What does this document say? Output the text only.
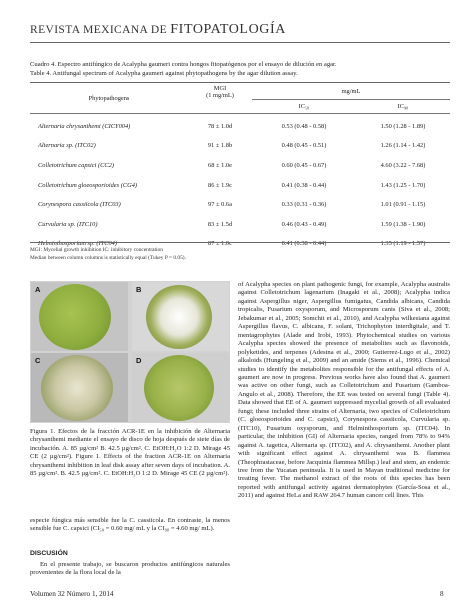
REVISTA MEXICANA DE FITOPATOLOGÍA
Cuadro 4. Espectro antifúngico de Acalypha gaumeri contra hongos fitopatógenos por el ensayo de dilución en agar.
Table 4. Antifungal spectrum of Acalypha gaumeri against phytopathogens by the agar dilution assay.
Phytopathogens	MGI
(1 mg/mL)	mg/mL	
		IC₅₀	IC₉₀

Alternaria chrysanthemi (CICY004)	78 ± 1.0d	0.53 (0.48 - 0.58)	1.50 (1.28 - 1.89)
Alternaria sp. (ITC02)	91 ± 1.8b	0.48 (0.45 - 0.51)	1.26 (1.14 - 1.42)
Colletotrichum capsici (CC2)	68 ± 1.0e	0.60 (0.45 - 0.67)	4.60 (3.22 - 7.68)
Colletotrichum gloeosporioides (CG4)	86 ± 1.9c	0.41 (0.38 - 0.44)	1.43 (1.25 - 1.70)
Corynespora cassiicola (ITC03)	97 ± 0.6a	0.33 (0.31 - 0.36)	1.01 (0.91 - 1.15)
Curvularia sp. (ITC10)	83 ± 1.5d	0.46 (0.43 - 0.49)	1.59 (1.38 - 1.90)
Helminthosporium sp. (ITC04)	87 ± 1.0c	0.41 (0.38 - 0.44)	1.35 (1.19 - 1.57)
MGI: Mycelial growth inhibition IC: inhibitory concentration
Median between column columns is statistically equal (Tukey P = 0.05).
A	B
C	D
Figura 1. Efectos de la fracción ACR-1E en la inhibición de Alternaria chrysanthemi mediante el ensayo de disco de hoja después de siete días de incubación. A. 85 µg/cm² B. 42.5 µg/cm². C. EtOH:H₂O 1:2 D. Mirage 45 CE (2 µg/cm²). Figure 1. Effects of the fraction ACR-1E on Alternaria chrysanthemi inhibition in leaf disk assay after seven days of incubation. A. 85 µg/cm². B. 42.5 µg/cm². C. EtOH:H₂O 1:2 D. Mirage 45 CE (2 µg/cm²).
especie fúngica más sensible fue la C. cassiicola. En contraste, la menos sensible fue C. capsici (CI₅₀ = 0.60 mg/ mL y la CI₉₀ = 4.60 mg/ mL).
DISCUSIÓN
En el presente trabajo, se buscaron productos antifúngicos naturales provenientes de la flora local de la
of Acalypha species on plant pathogenic fungi, for example, Acalypha australis against Colletotrichum lagenarium (Inagaki et al., 2008); Acalypha indica against Aspergillus niger, Aspergillus fumigatus, Candida albicans, Candida tropicalis, Fusarium oxysporum, and Microsporum canis (Siva et al., 2008; Jebakumar et al., 2005; Somchit et al., 2010), and Acalypha wilkesiana against Aspergillus flavus, C. albicans, F. solani, Trichophyton interdigitale, and T. mentagrophytes (Alade and Irobi, 1993). Phytochemical studies on various Acalypha species showed the presence of metabolites such as flavonoids, polyketides, and terpenes (Adesina et al., 2000; Gutierrez-Lugo et al., 2002) alkaloids (Hungeling et al., 2009) and an amide (Siems et al., 1996). Chemical studies to identify the metabolites responsible for the antifungal effects of A. gaumeri are now in progress. Previous works have also found that A. gaumeri was active on other fungi, such as Colletotrichum and Fusarium (Gamboa-Angulo et al., 2008). Therefore, the EE was tested on several fungi (Table 4). Data showed that EE of A. gaumeri suppressed mycelial growth of all evaluated fungi; these included three strains of Alternaria, two species of Colletotrichum (C. gloeosporioides and C. capsici), Corynespora cassiicola, Curvularia sp. (ITC10), Fusarium oxysporum, and Helminthosporium sp. (ITC04). In particular, the inhibition (GI) of Alternaria species, ranged from 78% to 94% against A. tagetica, Alternaria sp. (ITC02), and A. chrysanthemi. Another plant with significant effect against A. chrysanthemi was B. flammea (Theophrastaceae, before Jacquinia flammea Millsp.) leaf and stem, an endemic tree from the Yucatan peninsula. It is used in Mayan traditional medicine for treating fever. The methanol extract of the roots of this species has been reported with antifungal activity against dermatophytes (García-Sosa et al., 2011) and against HeLa and RAW 264.7 human cancer cell lines. This
Volumen 32 Número 1, 2014	8
